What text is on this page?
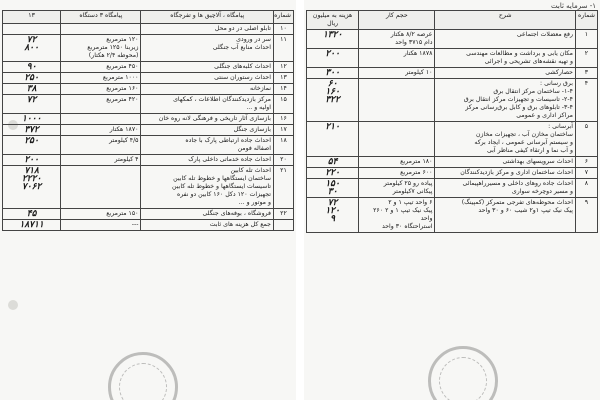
شماره	پیامگاه ، آلاچیق ها و تفرجگاه	پیامگاه ۳ دستگاه	۱۳
۱۰	تابلو اصلی در دو محل		

۱۱	سر در ورودی
احداث منابع آب جنگلی	۱۲۰ مترمربع
زیربنا ۱۲۵۰ مترمربع
(محوطه ۲/۴ هکتار)	۷۲
۸۰۰

۱۲	احداث کلبه‌های جنگلی	۴۵۰ مترمربع	۹۰

۱۳	احداث رستوران سنتی	۱۰۰۰ مترمربع	۲۵۰

۱۴	نمازخانه	۱۶۰ مترمربع	۳۸

۱۵	مرکز بازدیدکنندگان اطلاعات ، کمکهای
اولیه و ...	۴۲۰ مترمربع	۷۲

۱۶	بازسازی آثار تاریخی و فرهنگی لانه روه خان		۱۰۰۰

۱۷	بازسازی جنگل	۱۸۷۰ هکتار	۳۷۲

۱۸	احداث جاده ارتباطی پارک با جاده
اصفاله فومن	۴/۵ کیلومتر	۲۵۰

۲۰	احداث جاده خدماتی داخلی پارک	۴ کیلومتر	۲۰۰

۲۱	احداث تله کابین
ساختمان ایستگاهها و خطوط تله کابین
تاسیسات ایستگاهها و خطوط تله کابین
تجهیزات ۱۲۰ دکل ۱۶۰ کابین دو نفره
و موتور و ...		۷۱۸
۲۲۲۰
۷۰۶۲

۲۲	فروشگاه ، بوفه‌های جنگلی	۱۵۰ مترمربع	۴۵

	جمع کل هزینه های ثابت	---	۱۸۷۱۱
۱- سرمایه ثابت
شماره	شرح	حجم کار	هزینه به میلیون ریال
۱	رفع معضلات اجتماعی	عرصه ۸/۲ هکتار
دام ۳۷۱۵ واحد	۱۳۲۰

۲	مکان یابی و برداشت و مطالعات مهندسی
و تهیه نقشه‌های تشریحی و اجرائی	۱۸۷۸ هکتار	۲۰۰

۳	حصارکشی	۱۰ کیلومتر	۳۰۰

۴	برق رسانی :
۱-۴- ساختمان مرکز انتقال برق
۲-۴- تاسیسات و تجهیزات مرکز انتقال برق
۳-۴- تابلوهای برق و کابل برق‌رسانی مرکز
مراکز اداری و عمومی		۶۰
۱۶۰
۳۲۲

۵	آبرسانی :
ساختمان مخازن آب ، تجهیزات مخازن
و سیستم آبرسانی عمومی ، ایجاد برکه
و آب نما و ارتقاء کیفی مناظر آبی		۲۱۰

۶	احداث سرویسهای بهداشتی	۱۸۰ مترمربع	۵۴

۷	احداث ساختمان اداری و مرکز بازدیدکنندگان	۶۰۰ مترمربع	۲۲۰

۸	احداث جاده روهای داخلی و مسیرراهپیمائی
و مسیر دوچرخه سواری	پیاده رو ۲۵ کیلومتر
پیکانی ۷کیلومتر	۱۵۰
۳۰

۹	احداث محوطه‌های تفرجی متمرکز (کمپینگ)
پیک نیک تیپ ۱و۲ شیب ۶۰ و ۳۰ واحد	۶ واحد تیپ ۱ و ۲
پیک نیک تیپ ۱ و ۲ ۲۶۰ واحد
استراحتگاه ۳۰ واحد	۷۲
۱۲۰
۹
